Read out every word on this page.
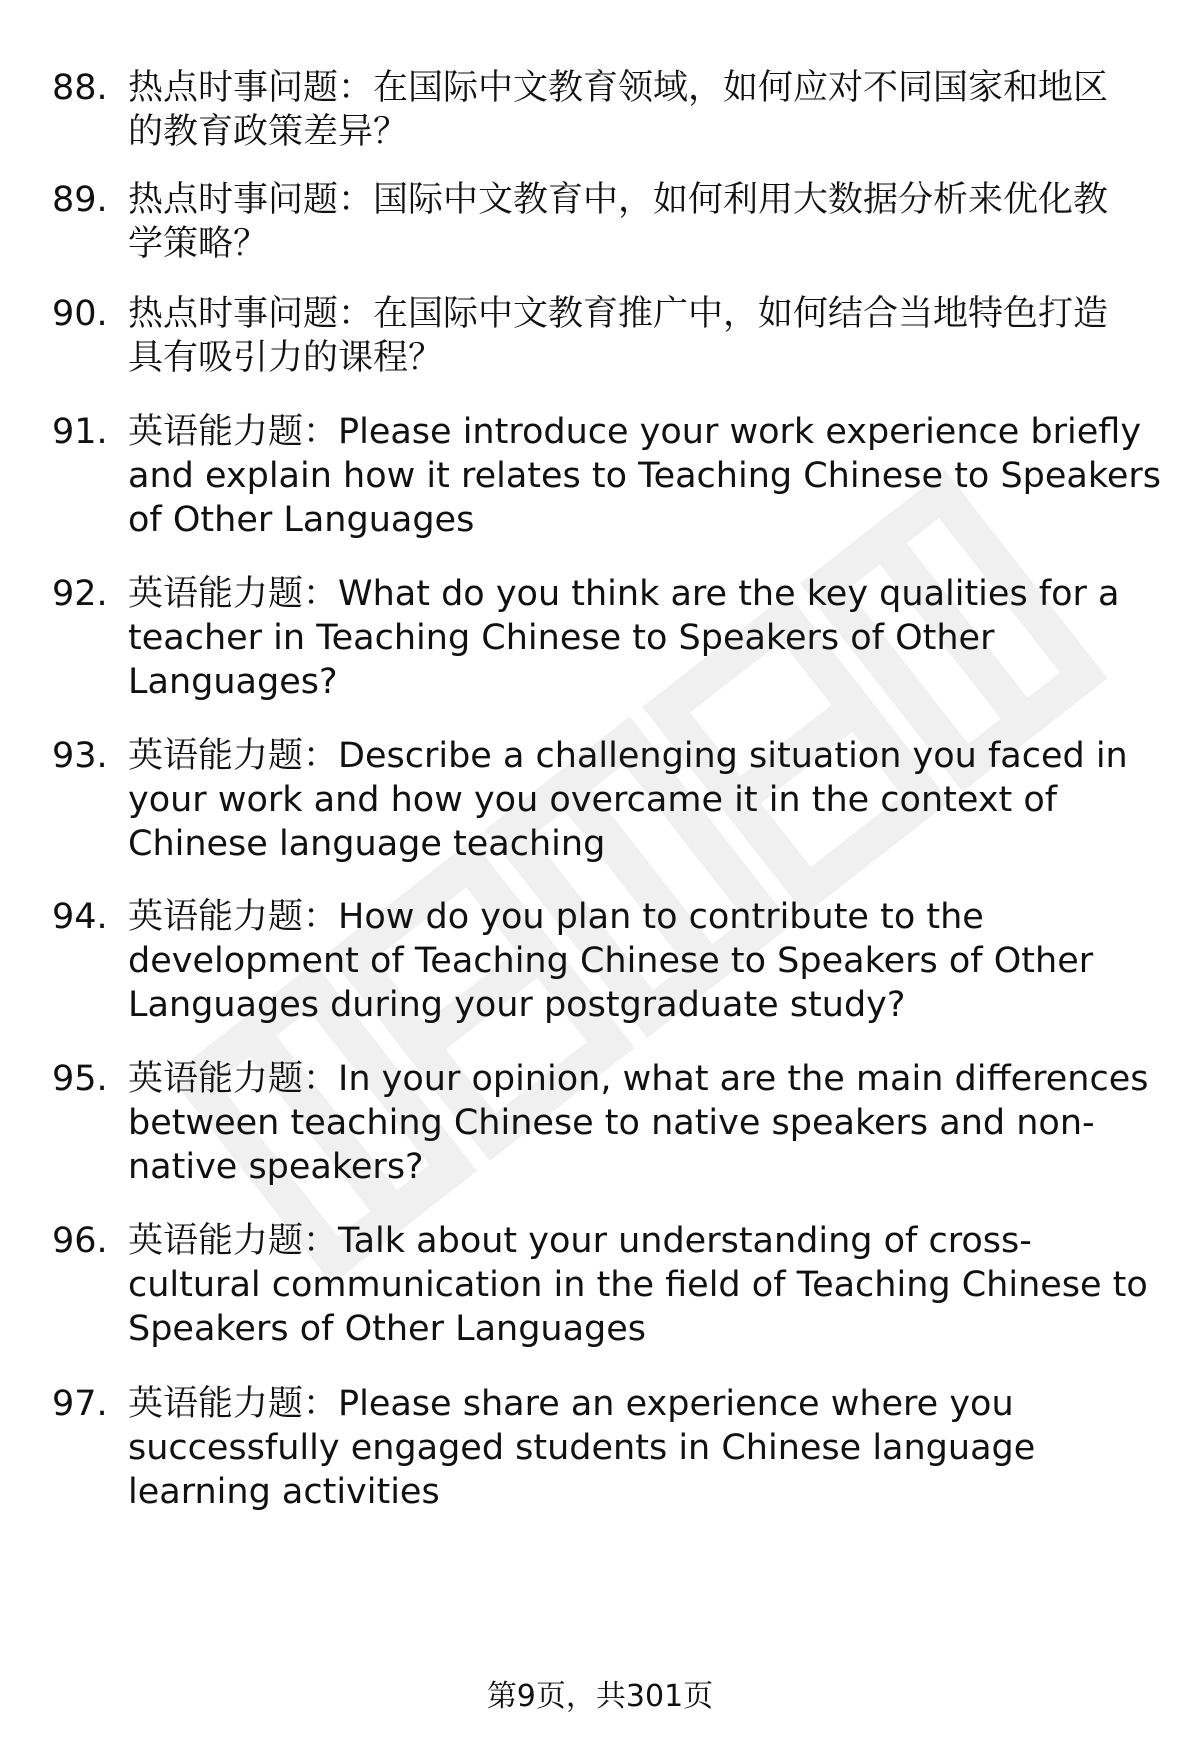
88. 热点时事问题：在国际中文教育领域，如何应对不同国家和地区
的教育政策差异？
89. 热点时事问题：国际中文教育中，如何利用大数据分析来优化教
学策略？
90. 热点时事问题：在国际中文教育推广中，如何结合当地特色打造
具有吸引力的课程？
91. 英语能力题：Please introduce your work experience briefly
and explain how it relates to Teaching Chinese to Speakers
of Other Languages
92. 英语能力题：What do you think are the key qualities for a
teacher in Teaching Chinese to Speakers of Other
Languages?
93. 英语能力题：Describe a challenging situation you faced in
your work and how you overcame it in the context of
Chinese language teaching
94. 英语能力题：How do you plan to contribute to the
development of Teaching Chinese to Speakers of Other
Languages during your postgraduate study?
95. 英语能力题：In your opinion, what are the main differences
between teaching Chinese to native speakers and non-
native speakers?
96. 英语能力题：Talk about your understanding of cross-
cultural communication in the field of Teaching Chinese to
Speakers of Other Languages
97. 英语能力题：Please share an experience where you
successfully engaged students in Chinese language
learning activities
第9页，共301页
